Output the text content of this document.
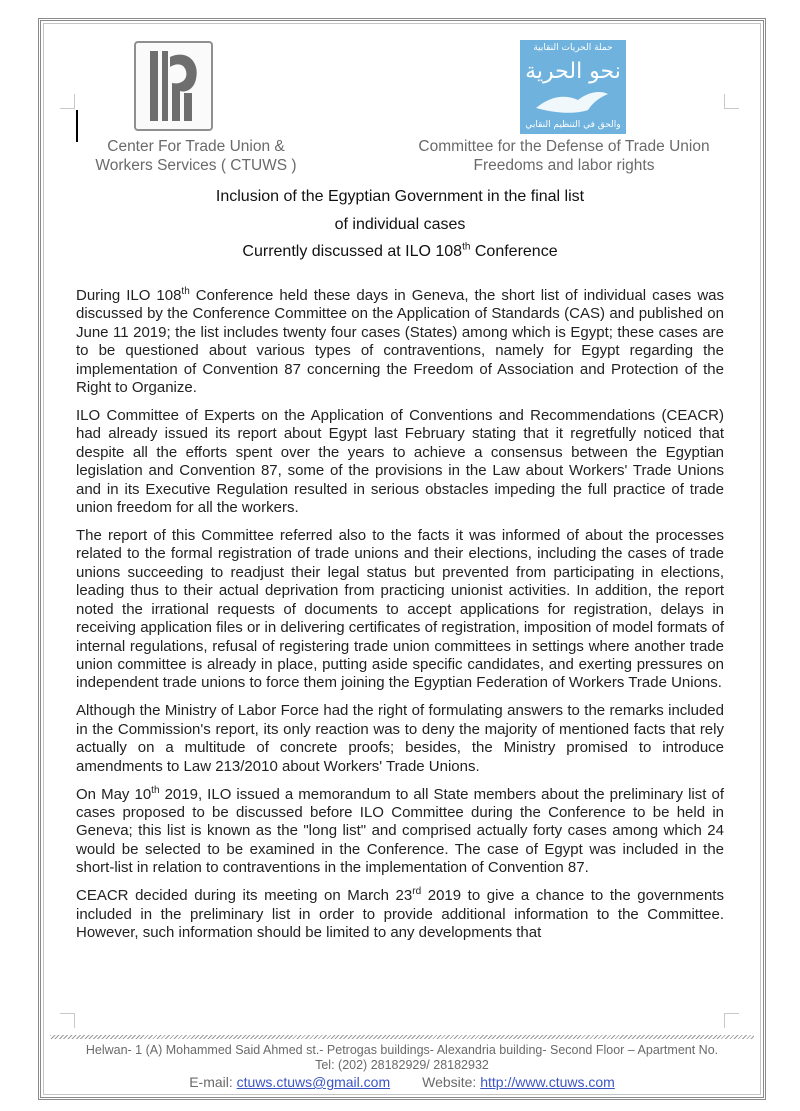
حملة الحريات النقابية
نحو الحرية
والحق في التنظيم النقابي
Center For Trade Union &
Workers Services ( CTUWS )
Committee for the Defense of Trade Union
Freedoms and labor rights
Inclusion of the Egyptian Government in the final list
of individual cases
Currently discussed at ILO 108th Conference

During ILO 108th Conference held these days in Geneva, the short list of individual cases was discussed by the Conference Committee on the Application of Standards (CAS) and published on June 11 2019; the list includes twenty four cases (States) among which is Egypt; these cases are to be questioned about various types of contraventions, namely for Egypt regarding the implementation of Convention 87 concerning the Freedom of Association and Protection of the Right to Organize.

ILO Committee of Experts on the Application of Conventions and Recommendations (CEACR) had already issued its report about Egypt last February stating that it regretfully noticed that despite all the efforts spent over the years to achieve a consensus between the Egyptian legislation and Convention 87, some of the provisions in the Law about Workers' Trade Unions and in its Executive Regulation resulted in serious obstacles impeding the full practice of trade union freedom for all the workers.

The report of this Committee referred also to the facts it was informed of about the processes related to the formal registration of trade unions and their elections, including the cases of trade unions succeeding to readjust their legal status but prevented from participating in elections, leading thus to their actual deprivation from practicing unionist activities. In addition, the report noted the irrational requests of documents to accept applications for registration, delays in receiving application files or in delivering certificates of registration, imposition of model formats of internal regulations, refusal of registering trade union committees in settings where another trade union committee is already in place, putting aside specific candidates, and exerting pressures on independent trade unions to force them joining the Egyptian Federation of Workers Trade Unions.

Although the Ministry of Labor Force had the right of formulating answers to the remarks included in the Commission's report, its only reaction was to deny the majority of mentioned facts that rely actually on a multitude of concrete proofs; besides, the Ministry promised to introduce amendments to Law 213/2010 about Workers' Trade Unions.

On May 10th 2019, ILO issued a memorandum to all State members about the preliminary list of cases proposed to be discussed before ILO Committee during the Conference to be held in Geneva; this list is known as the "long list" and comprised actually forty cases among which 24 would be selected to be examined in the Conference. The case of Egypt was included in the short-list in relation to contraventions in the implementation of Convention 87.

CEACR decided during its meeting on March 23rd 2019 to give a chance to the governments included in the preliminary list in order to provide additional information to the Committee. However, such information should be limited to any developments that

Helwan- 1 (A) Mohammed Said Ahmed st.- Petrogas buildings- Alexandria building- Second Floor – Apartment No.
Tel: (202) 28182929/ 28182932
E-mail: ctuws.ctuws@gmail.com Website: http://www.ctuws.com
